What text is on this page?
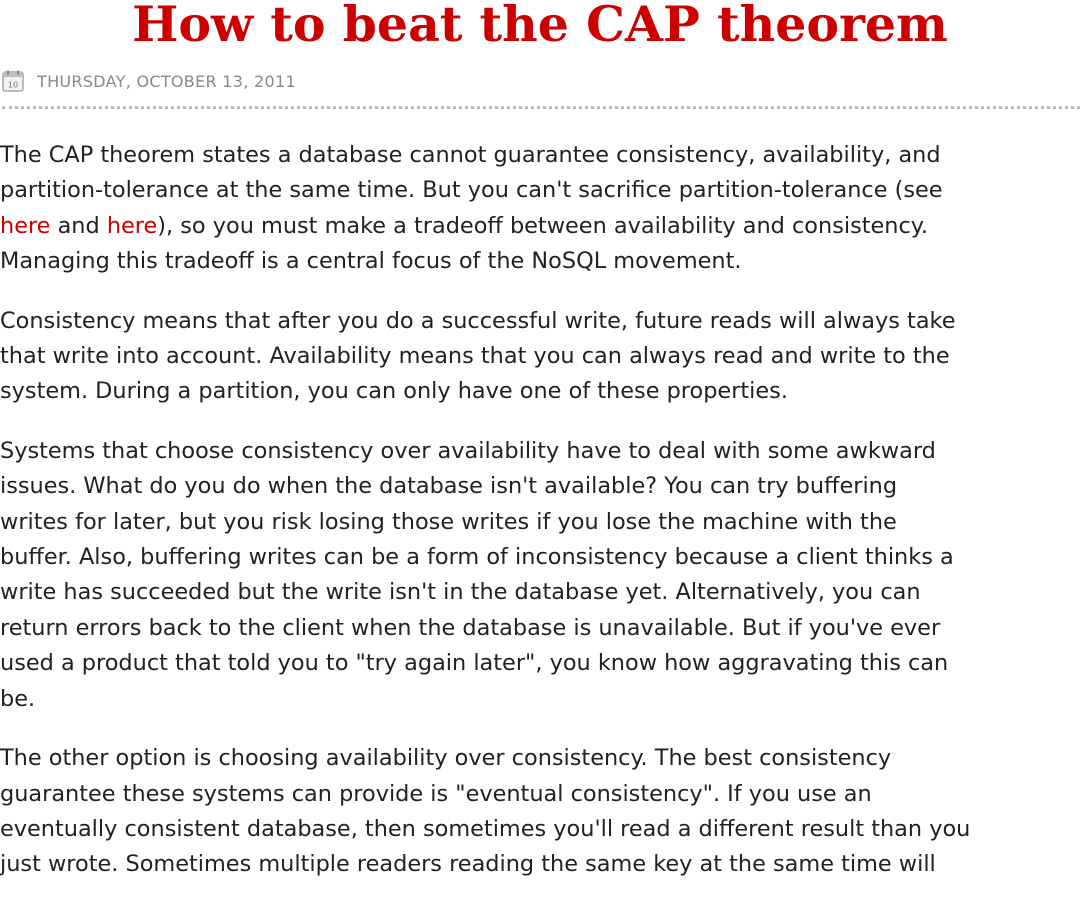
How to beat the CAP theorem
10 THURSDAY, OCTOBER 13, 2011

The CAP theorem states a database cannot guarantee consistency, availability, and
partition-tolerance at the same time. But you can't sacrifice partition-tolerance (see
here and here), so you must make a tradeoff between availability and consistency.
Managing this tradeoff is a central focus of the NoSQL movement.

Consistency means that after you do a successful write, future reads will always take
that write into account. Availability means that you can always read and write to the
system. During a partition, you can only have one of these properties.

Systems that choose consistency over availability have to deal with some awkward
issues. What do you do when the database isn't available? You can try buffering
writes for later, but you risk losing those writes if you lose the machine with the
buffer. Also, buffering writes can be a form of inconsistency because a client thinks a
write has succeeded but the write isn't in the database yet. Alternatively, you can
return errors back to the client when the database is unavailable. But if you've ever
used a product that told you to "try again later", you know how aggravating this can
be.

The other option is choosing availability over consistency. The best consistency
guarantee these systems can provide is "eventual consistency". If you use an
eventually consistent database, then sometimes you'll read a different result than you
just wrote. Sometimes multiple readers reading the same key at the same time will
